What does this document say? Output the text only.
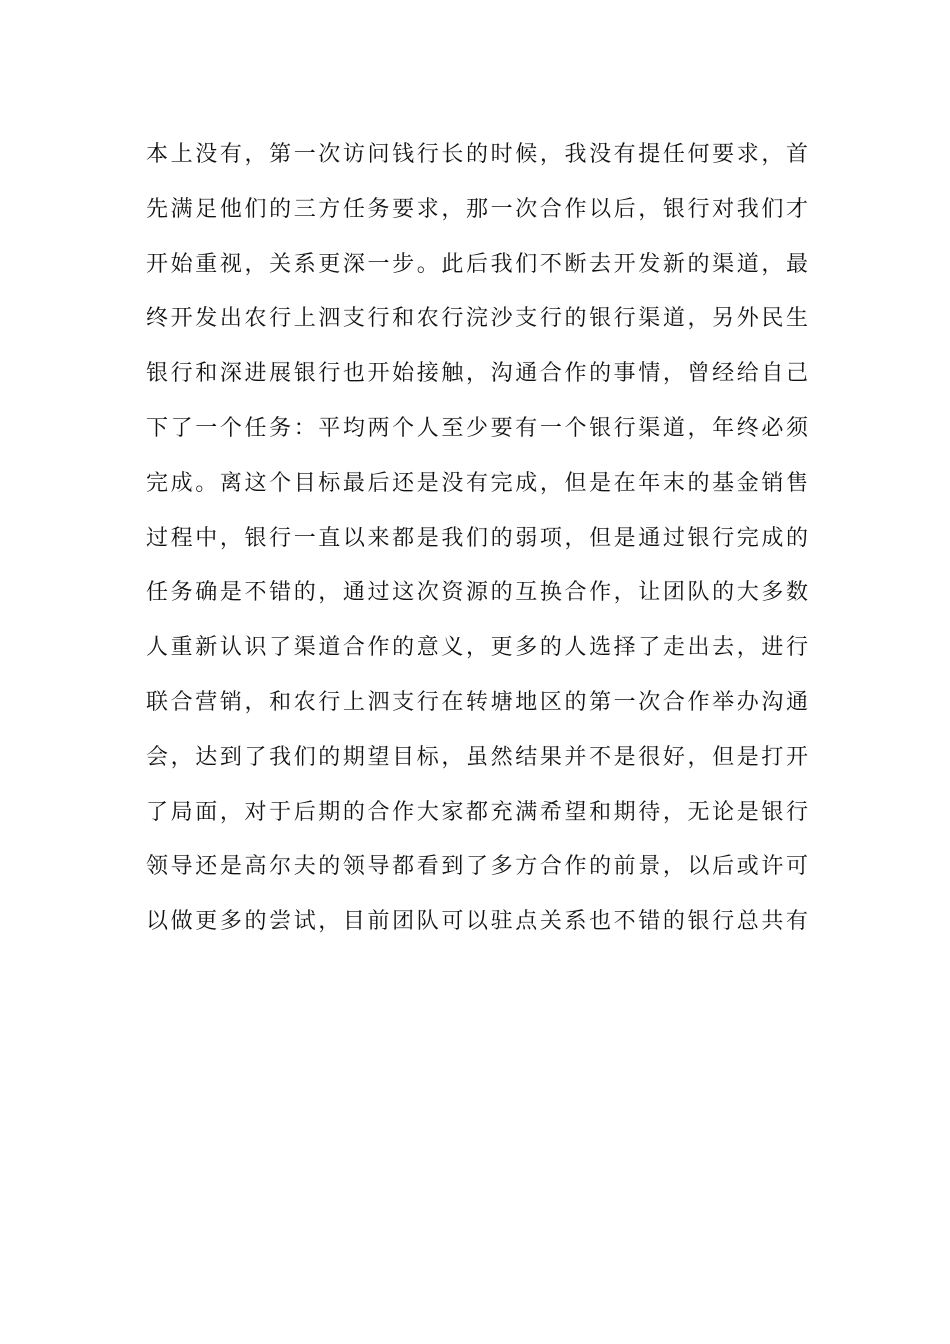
本上没有，第一次访问钱行长的时候，我没有提任何要求，首
先满足他们的三方任务要求，那一次合作以后，银行对我们才
开始重视，关系更深一步。此后我们不断去开发新的渠道，最
终开发出农行上泗支行和农行浣沙支行的银行渠道，另外民生
银行和深进展银行也开始接触，沟通合作的事情，曾经给自己
下了一个任务：平均两个人至少要有一个银行渠道，年终必须
完成。离这个目标最后还是没有完成，但是在年末的基金销售
过程中，银行一直以来都是我们的弱项，但是通过银行完成的
任务确是不错的，通过这次资源的互换合作，让团队的大多数
人重新认识了渠道合作的意义，更多的人选择了走出去，进行
联合营销，和农行上泗支行在转塘地区的第一次合作举办沟通
会，达到了我们的期望目标，虽然结果并不是很好，但是打开
了局面，对于后期的合作大家都充满希望和期待，无论是银行
领导还是高尔夫的领导都看到了多方合作的前景，以后或许可
以做更多的尝试，目前团队可以驻点关系也不错的银行总共有
